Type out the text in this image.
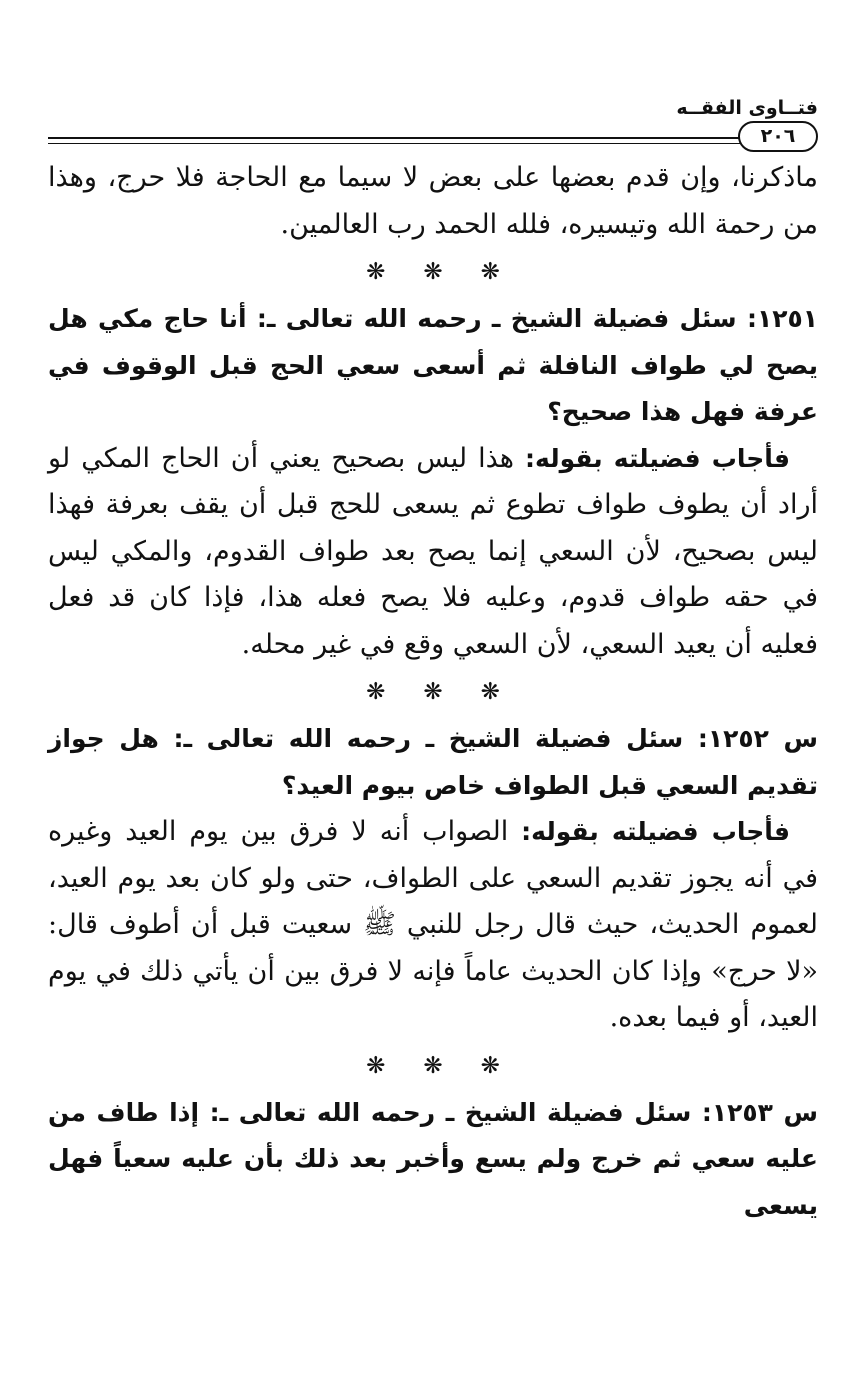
فتــاوى الفقــه
٢٠٦

ماذكرنا، وإن قدم بعضها على بعض لا سيما مع الحاجة فلا حرج، وهذا من رحمة الله وتيسيره، فلله الحمد رب العالمين.

❋
❋
❋

١٢٥١: سئل فضيلة الشيخ ـ رحمه الله تعالى ـ: أنا حاج مكي هل يصح لي طواف النافلة ثم أسعى سعي الحج قبل الوقوف في عرفة فهل هذا صحيح؟

فأجاب فضيلته بقوله: هذا ليس بصحيح يعني أن الحاج المكي لو أراد أن يطوف طواف تطوع ثم يسعى للحج قبل أن يقف بعرفة فهذا ليس بصحيح، لأن السعي إنما يصح بعد طواف القدوم، والمكي ليس في حقه طواف قدوم، وعليه فلا يصح فعله هذا، فإذا كان قد فعل فعليه أن يعيد السعي، لأن السعي وقع في غير محله.

❋
❋
❋

س ١٢٥٢: سئل فضيلة الشيخ ـ رحمه الله تعالى ـ: هل جواز تقديم السعي قبل الطواف خاص بيوم العيد؟

فأجاب فضيلته بقوله: الصواب أنه لا فرق بين يوم العيد وغيره في أنه يجوز تقديم السعي على الطواف، حتى ولو كان بعد يوم العيد، لعموم الحديث، حيث قال رجل للنبي ﷺ سعيت قبل أن أطوف قال: «لا حرج» وإذا كان الحديث عاماً فإنه لا فرق بين أن يأتي ذلك في يوم العيد، أو فيما بعده.

❋
❋
❋

س ١٢٥٣: سئل فضيلة الشيخ ـ رحمه الله تعالى ـ: إذا طاف من عليه سعي ثم خرج ولم يسع وأخبر بعد ذلك بأن عليه سعياً فهل يسعى
